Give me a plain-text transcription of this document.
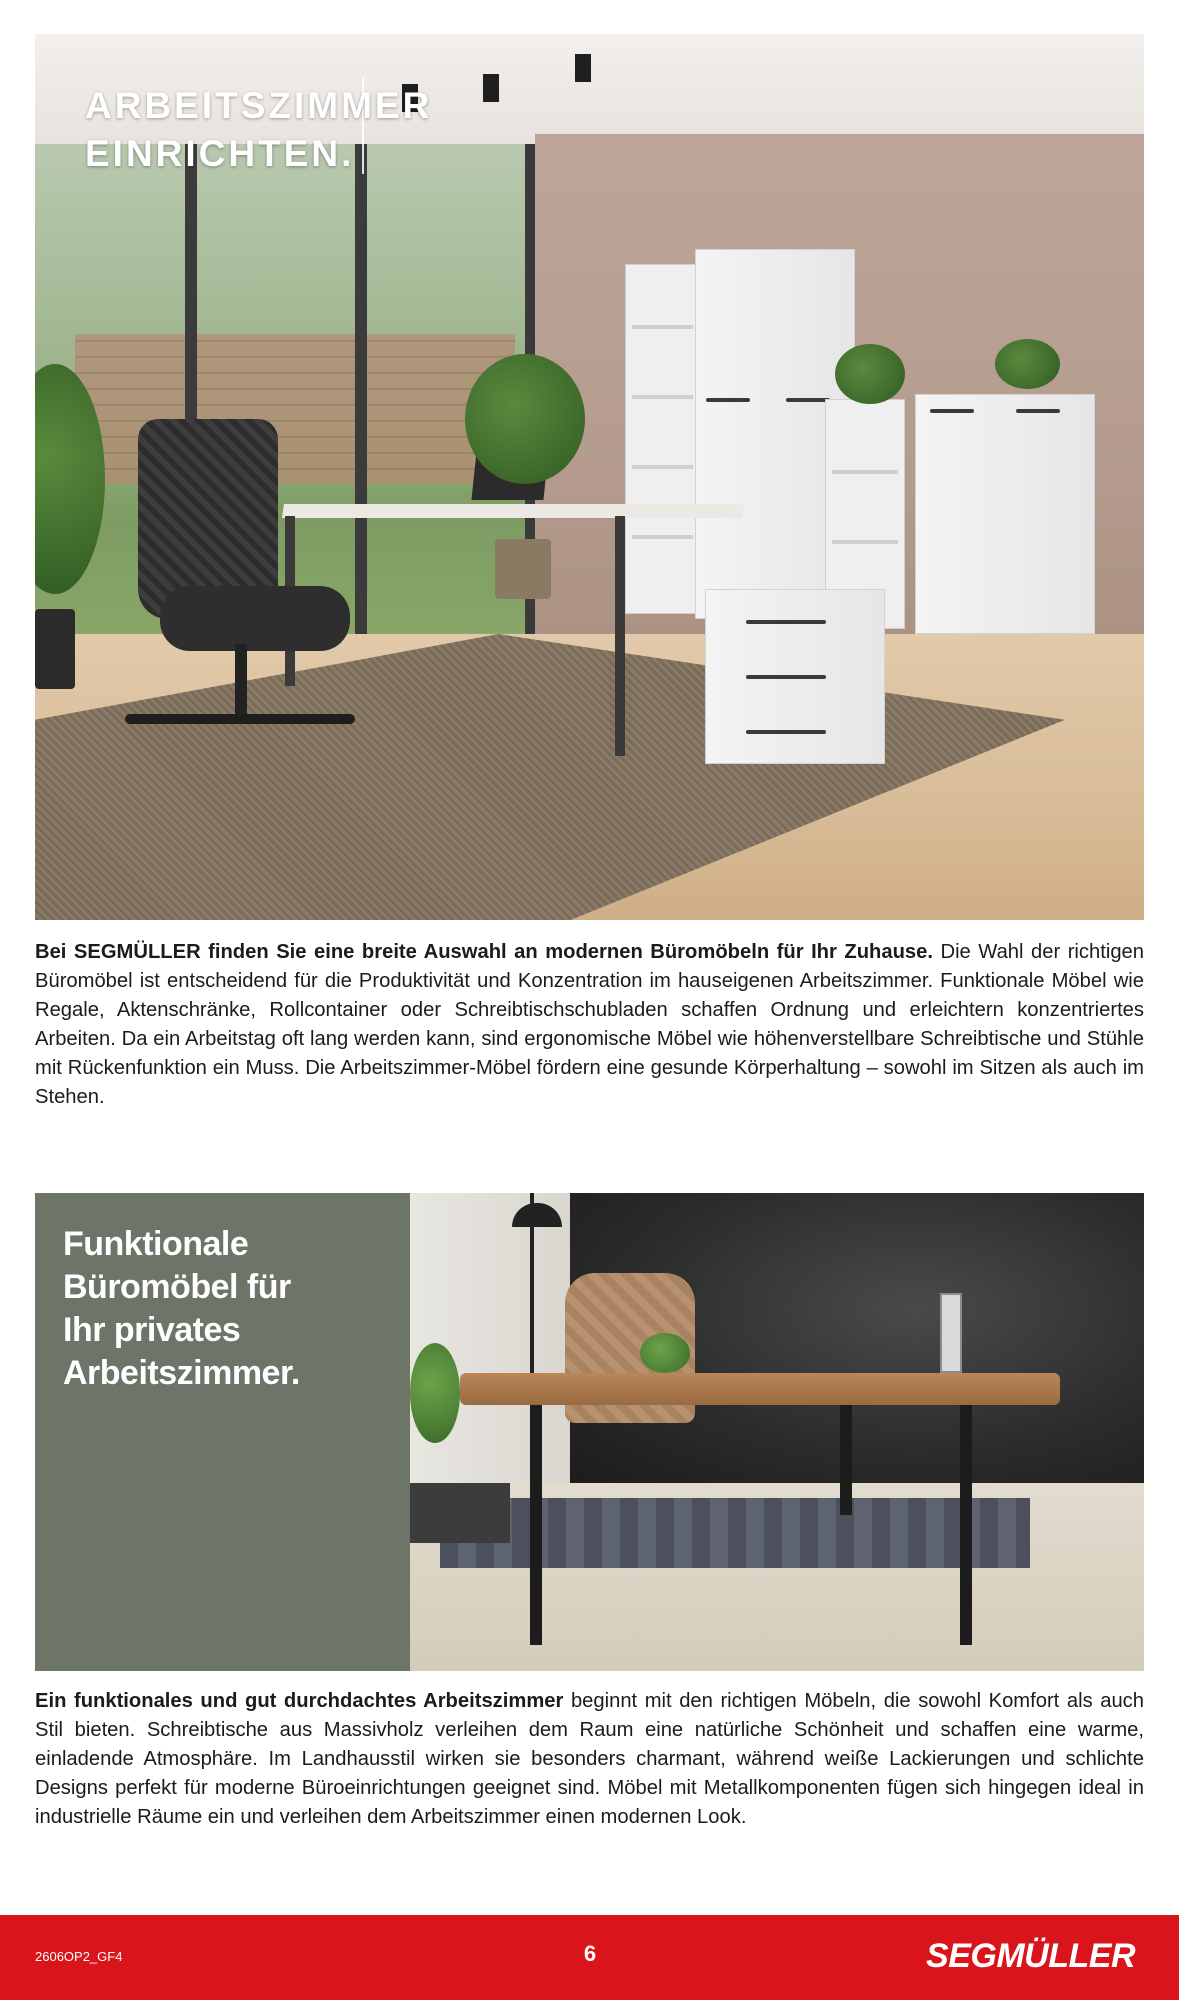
ARBEITSZIMMER
EINRICHTEN.

Bei SEGMÜLLER finden Sie eine breite Auswahl an modernen Büromöbeln für Ihr Zuhause. Die Wahl der richtigen Büromöbel ist entscheidend für die Produktivität und Konzentration im hauseigenen Arbeitszimmer. Funktionale Möbel wie Regale, Aktenschränke, Rollcontainer oder Schreibtischschubladen schaffen Ordnung und erleichtern konzentriertes Arbeiten. Da ein Arbeitstag oft lang werden kann, sind ergonomische Möbel wie höhenverstellbare Schreibtische und Stühle mit Rückenfunktion ein Muss. Die Arbeitszimmer-Möbel fördern eine gesunde Körperhaltung – sowohl im Sitzen als auch im Stehen.

Funktionale
Büromöbel für
Ihr privates
Arbeitszimmer.

Ein funktionales und gut durchdachtes Arbeitszimmer beginnt mit den richtigen Möbeln, die sowohl Komfort als auch Stil bieten. Schreibtische aus Massivholz verleihen dem Raum eine natürliche Schönheit und schaffen eine warme, einladende Atmosphäre. Im Landhausstil wirken sie besonders charmant, während weiße Lackierungen und schlichte Designs perfekt für moderne Büroeinrichtungen geeignet sind. Möbel mit Metallkomponenten fügen sich hingegen ideal in industrielle Räume ein und verleihen dem Arbeitszimmer einen modernen Look.

2606OP2_GF4	6	SEGMÜLLER
